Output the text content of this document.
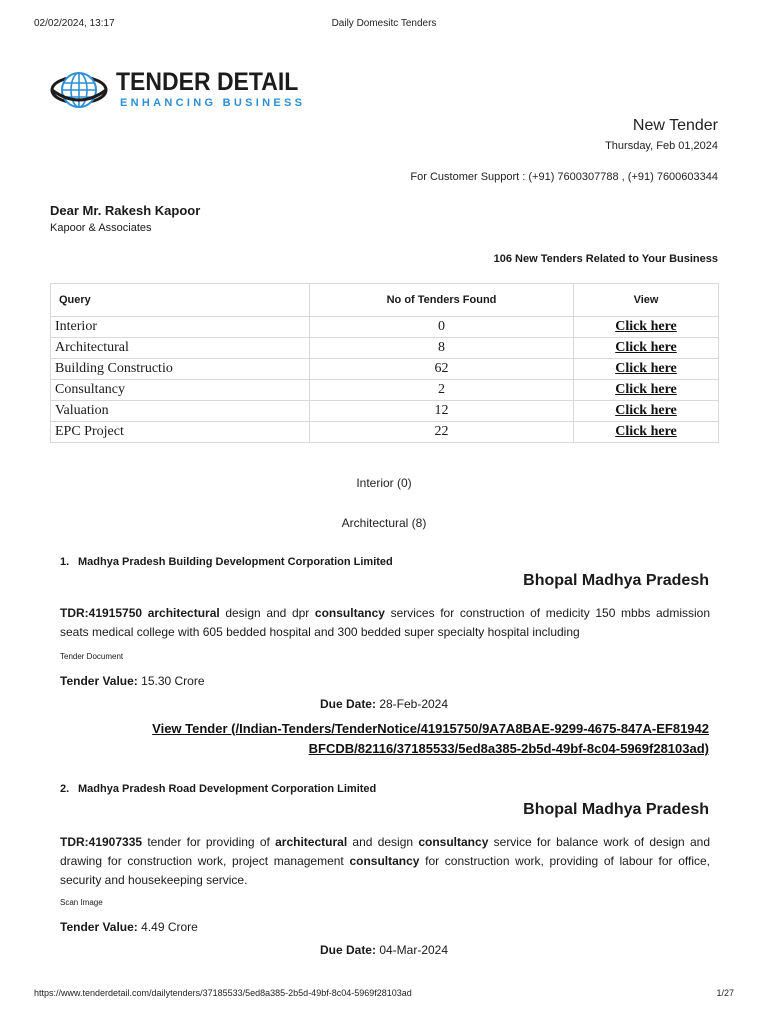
02/02/2024, 13:17	Daily Domesitc Tenders
TENDER DETAIL
ENHANCING BUSINESS
New Tender
Thursday, Feb 01,2024
For Customer Support : (+91) 7600307788 , (+91) 7600603344
Dear Mr. Rakesh Kapoor
Kapoor & Associates
106 New Tenders Related to Your Business
Query	No of Tenders Found	View
Interior	0	Click here
Architectural	8	Click here
Building Constructio	62	Click here
Consultancy	2	Click here
Valuation	12	Click here
EPC Project	22	Click here
Interior (0)
Architectural (8)
1. Madhya Pradesh Building Development Corporation Limited
Bhopal Madhya Pradesh
TDR:41915750 architectural design and dpr consultancy services for construction of medicity 150 mbbs admission seats medical college with 605 bedded hospital and 300 bedded super specialty hospital including
Tender Document
Tender Value: 15.30 Crore
Due Date: 28-Feb-2024
View Tender (/Indian-Tenders/TenderNotice/41915750/9A7A8BAE-9299-4675-847A-EF81942BFCDB/82116/37185533/5ed8a385-2b5d-49bf-8c04-5969f28103ad)
2. Madhya Pradesh Road Development Corporation Limited
Bhopal Madhya Pradesh
TDR:41907335 tender for providing of architectural and design consultancy service for balance work of design and drawing for construction work, project management consultancy for construction work, providing of labour for office, security and housekeeping service.
Scan Image
Tender Value: 4.49 Crore
Due Date: 04-Mar-2024
https://www.tenderdetail.com/dailytenders/37185533/5ed8a385-2b5d-49bf-8c04-5969f28103ad	1/27
